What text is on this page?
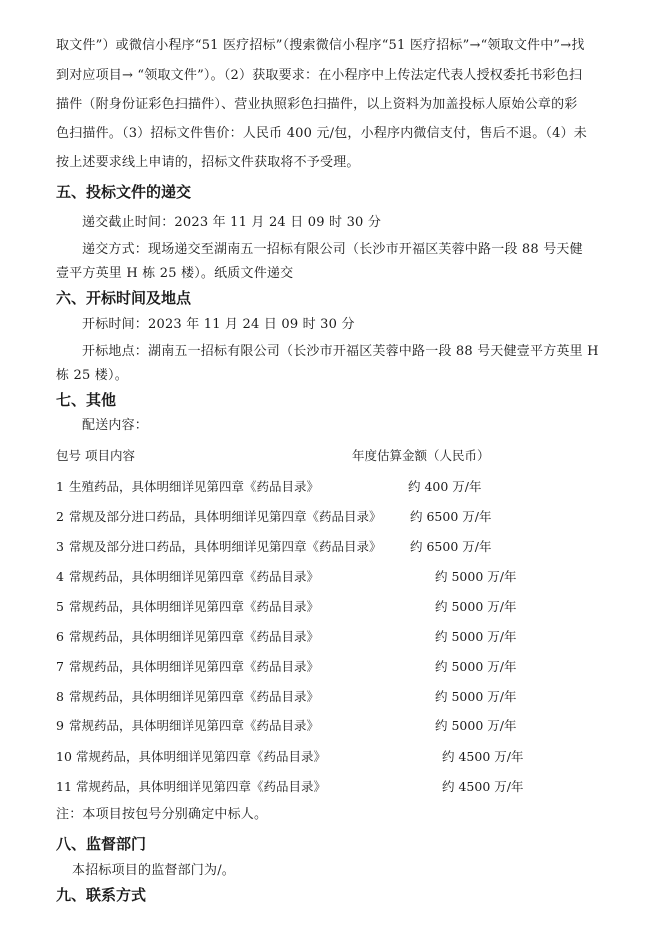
取文件”）或微信小程序“51 医疗招标”（搜索微信小程序“51 医疗招标”→“领取文件中”→找
到对应项目→ “领取文件”）。（2）获取要求：在小程序中上传法定代表人授权委托书彩色扫
描件（附身份证彩色扫描件）、营业执照彩色扫描件，以上资料为加盖投标人原始公章的彩
色扫描件。（3）招标文件售价：人民币 400 元/包，小程序内微信支付，售后不退。（4）未
按上述要求线上申请的，招标文件获取将不予受理。
五、投标文件的递交
递交截止时间：2023 年 11 月 24 日 09 时 30 分
递交方式：现场递交至湖南五一招标有限公司（长沙市开福区芙蓉中路一段 88 号天健
壹平方英里 H 栋 25 楼）。纸质文件递交
六、开标时间及地点
开标时间：2023 年 11 月 24 日 09 时 30 分
开标地点：湖南五一招标有限公司（长沙市开福区芙蓉中路一段 88 号天健壹平方英里 H
栋 25 楼）。
七、其他
配送内容：
包号 项目内容	年度估算金额（人民币）
1 生殖药品，具体明细详见第四章《药品目录》	约 400 万/年
2 常规及部分进口药品，具体明细详见第四章《药品目录》 约 6500 万/年
3 常规及部分进口药品，具体明细详见第四章《药品目录》 约 6500 万/年
4 常规药品，具体明细详见第四章《药品目录》	约 5000 万/年
5 常规药品，具体明细详见第四章《药品目录》	约 5000 万/年
6 常规药品，具体明细详见第四章《药品目录》	约 5000 万/年
7 常规药品，具体明细详见第四章《药品目录》	约 5000 万/年
8 常规药品，具体明细详见第四章《药品目录》	约 5000 万/年
9 常规药品，具体明细详见第四章《药品目录》	约 5000 万/年
10 常规药品，具体明细详见第四章《药品目录》	约 4500 万/年
11 常规药品，具体明细详见第四章《药品目录》	约 4500 万/年
注：本项目按包号分别确定中标人。
八、监督部门
本招标项目的监督部门为/。
九、联系方式
